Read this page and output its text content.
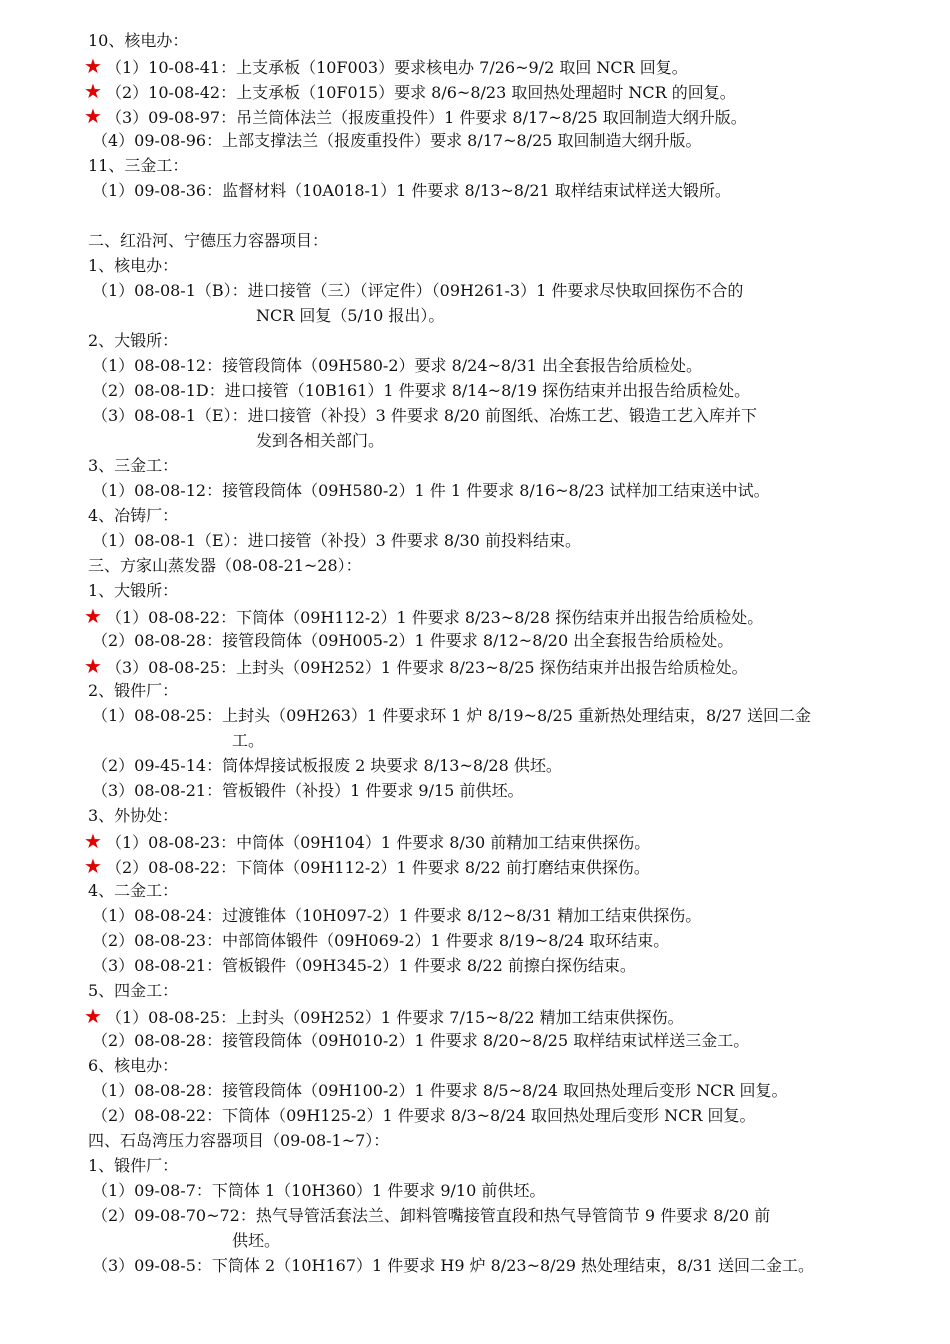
10、核电办：
★ （1）10-08-41：上支承板（10F003）要求核电办 7/26~9/2 取回 NCR 回复。
★ （2）10-08-42：上支承板（10F015）要求 8/6~8/23 取回热处理超时 NCR 的回复。
★ （3）09-08-97：吊兰筒体法兰（报废重投件）1 件要求 8/17~8/25 取回制造大纲升版。
（4）09-08-96：上部支撑法兰（报废重投件）要求 8/17~8/25 取回制造大纲升版。
11、三金工：
（1）09-08-36：监督材料（10A018-1）1 件要求 8/13~8/21 取样结束试样送大锻所。
二、红沿河、宁德压力容器项目：
1、核电办：
（1）08-08-1（B）：进口接管（三）（评定件）（09H261-3）1 件要求尽快取回探伤不合的
NCR 回复（5/10 报出）。
2、大锻所：
（1）08-08-12：接管段筒体（09H580-2）要求 8/24~8/31 出全套报告给质检处。
（2）08-08-1D：进口接管（10B161）1 件要求 8/14~8/19 探伤结束并出报告给质检处。
（3）08-08-1（E）：进口接管（补投）3 件要求 8/20 前图纸、冶炼工艺、锻造工艺入库并下
发到各相关部门。
3、三金工：
（1）08-08-12：接管段筒体（09H580-2）1 件 1 件要求 8/16~8/23 试样加工结束送中试。
4、冶铸厂：
（1）08-08-1（E）：进口接管（补投）3 件要求 8/30 前投料结束。
三、方家山蒸发器（08-08-21~28）：
1、大锻所：
★ （1）08-08-22：下筒体（09H112-2）1 件要求 8/23~8/28 探伤结束并出报告给质检处。
（2）08-08-28：接管段筒体（09H005-2）1 件要求 8/12~8/20 出全套报告给质检处。
★ （3）08-08-25：上封头（09H252）1 件要求 8/23~8/25 探伤结束并出报告给质检处。
2、锻件厂：
（1）08-08-25：上封头（09H263）1 件要求环 1 炉 8/19~8/25 重新热处理结束，8/27 送回二金
工。
（2）09-45-14：筒体焊接试板报废 2 块要求 8/13~8/28 供坯。
（3）08-08-21：管板锻件（补投）1 件要求 9/15 前供坯。
3、外协处：
★ （1）08-08-23：中筒体（09H104）1 件要求 8/30 前精加工结束供探伤。
★ （2）08-08-22：下筒体（09H112-2）1 件要求 8/22 前打磨结束供探伤。
4、二金工：
（1）08-08-24：过渡锥体（10H097-2）1 件要求 8/12~8/31 精加工结束供探伤。
（2）08-08-23：中部筒体锻件（09H069-2）1 件要求 8/19~8/24 取环结束。
（3）08-08-21：管板锻件（09H345-2）1 件要求 8/22 前擦白探伤结束。
5、四金工：
★ （1）08-08-25：上封头（09H252）1 件要求 7/15~8/22 精加工结束供探伤。
（2）08-08-28：接管段筒体（09H010-2）1 件要求 8/20~8/25 取样结束试样送三金工。
6、核电办：
（1）08-08-28：接管段筒体（09H100-2）1 件要求 8/5~8/24 取回热处理后变形 NCR 回复。
（2）08-08-22：下筒体（09H125-2）1 件要求 8/3~8/24 取回热处理后变形 NCR 回复。
四、石岛湾压力容器项目（09-08-1~7）：
1、锻件厂：
（1）09-08-7：下筒体 1（10H360）1 件要求 9/10 前供坯。
（2）09-08-70~72：热气导管活套法兰、卸料管嘴接管直段和热气导管筒节 9 件要求 8/20 前
供坯。
（3）09-08-5：下筒体 2（10H167）1 件要求 H9 炉 8/23~8/29 热处理结束，8/31 送回二金工。
